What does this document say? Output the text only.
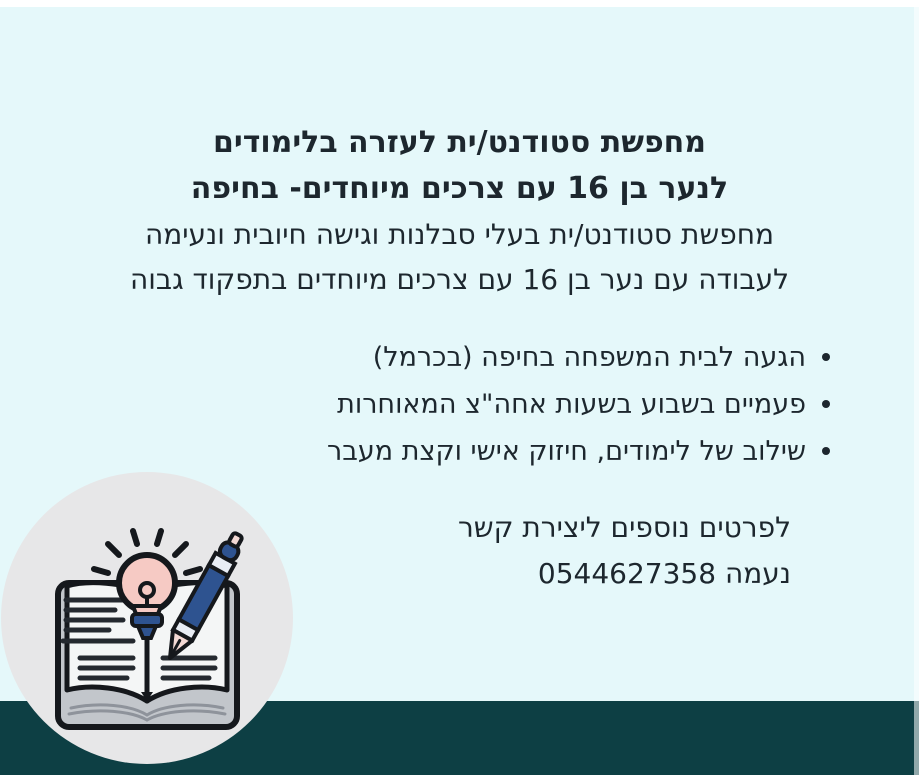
מחפשת סטודנט/ית לעזרה בלימודים
לנער בן 16 עם צרכים מיוחדים- בחיפה
מחפשת סטודנט/ית בעלי סבלנות וגישה חיובית ונעימה
לעבודה עם נער בן 16 עם צרכים מיוחדים בתפקוד גבוה
הגעה לבית המשפחה בחיפה (בכרמל)
פעמיים בשבוע בשעות אחה"צ המאוחרות
שילוב של לימודים, חיזוק אישי וקצת מעבר
לפרטים נוספים ליצירת קשר
נעמה 0544627358
